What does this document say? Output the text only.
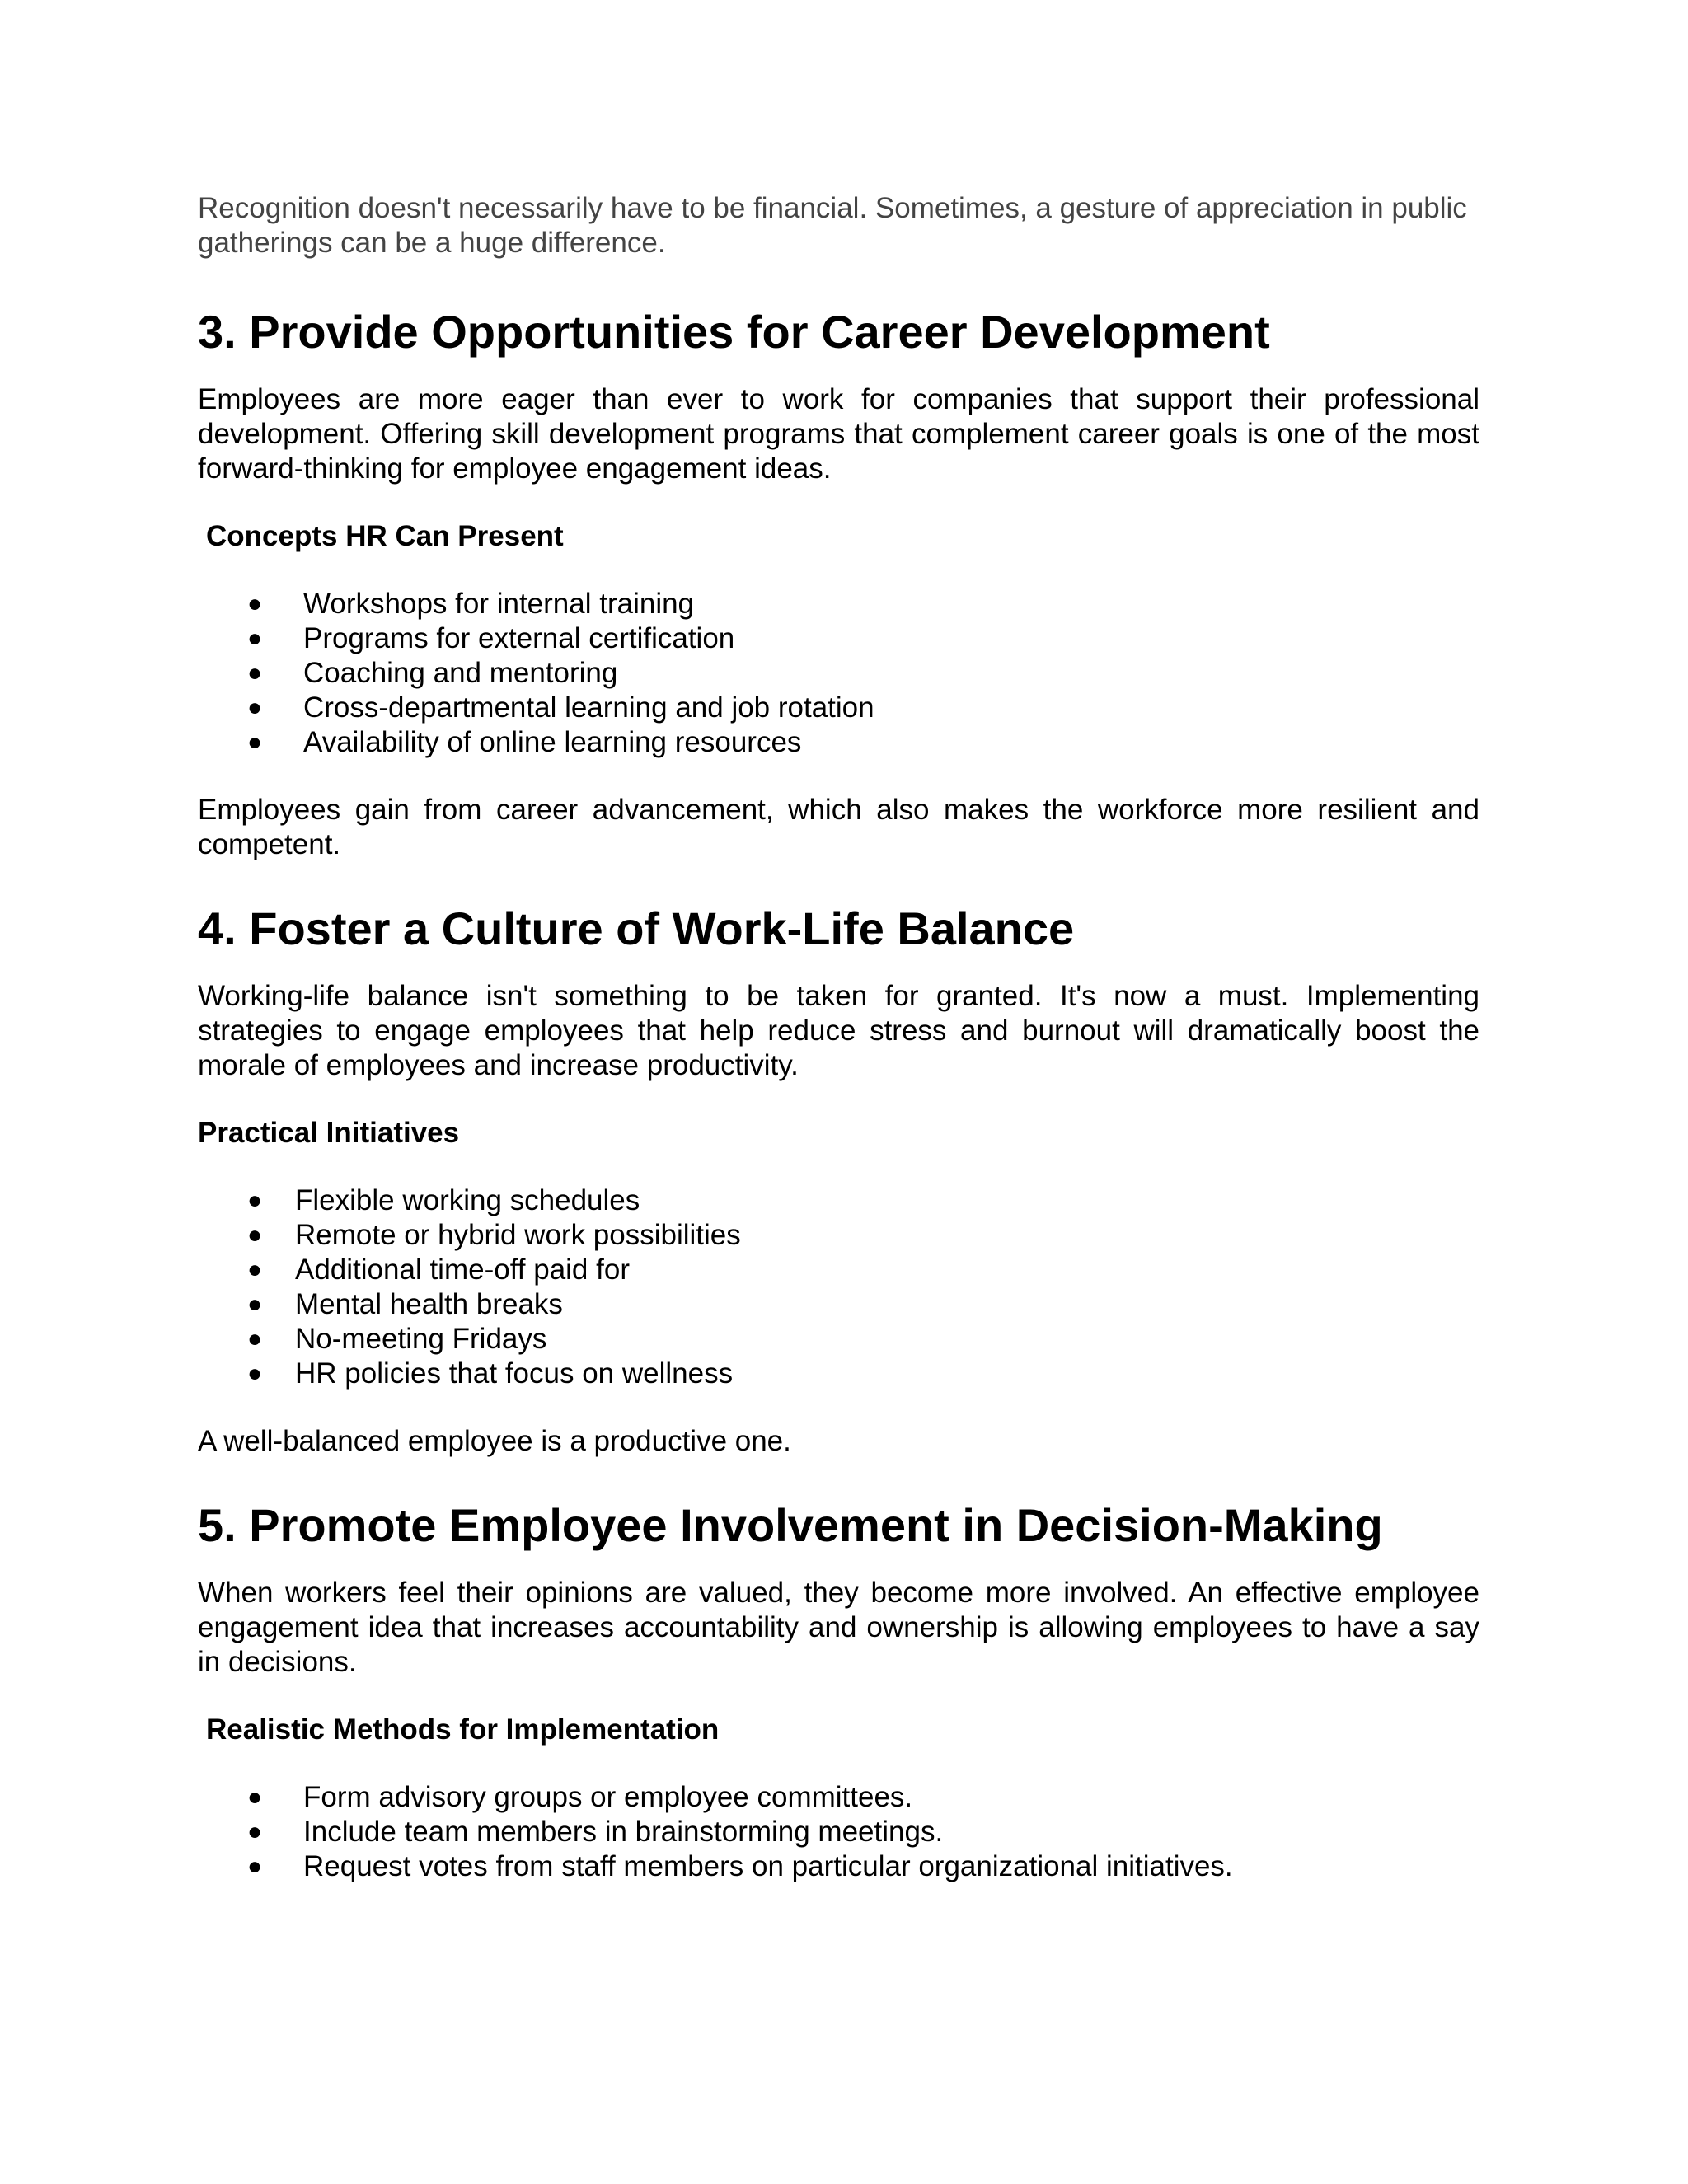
Recognition doesn't necessarily have to be financial. Sometimes, a gesture of appreciation in public gatherings can be a huge difference.

3. Provide Opportunities for Career Development

Employees are more eager than ever to work for companies that support their professional development. Offering skill development programs that complement career goals is one of the most forward-thinking for employee engagement ideas.

Concepts HR Can Present

● Workshops for internal training
● Programs for external certification
● Coaching and mentoring
● Cross-departmental learning and job rotation
● Availability of online learning resources

Employees gain from career advancement, which also makes the workforce more resilient and competent.

4. Foster a Culture of Work-Life Balance

Working-life balance isn't something to be taken for granted. It's now a must. Implementing strategies to engage employees that help reduce stress and burnout will dramatically boost the morale of employees and increase productivity.

Practical Initiatives

● Flexible working schedules
● Remote or hybrid work possibilities
● Additional time-off paid for
● Mental health breaks
● No-meeting Fridays
● HR policies that focus on wellness

A well-balanced employee is a productive one.

5. Promote Employee Involvement in Decision-Making

When workers feel their opinions are valued, they become more involved. An effective employee engagement idea that increases accountability and ownership is allowing employees to have a say in decisions.

Realistic Methods for Implementation

● Form advisory groups or employee committees.
● Include team members in brainstorming meetings.
● Request votes from staff members on particular organizational initiatives.
